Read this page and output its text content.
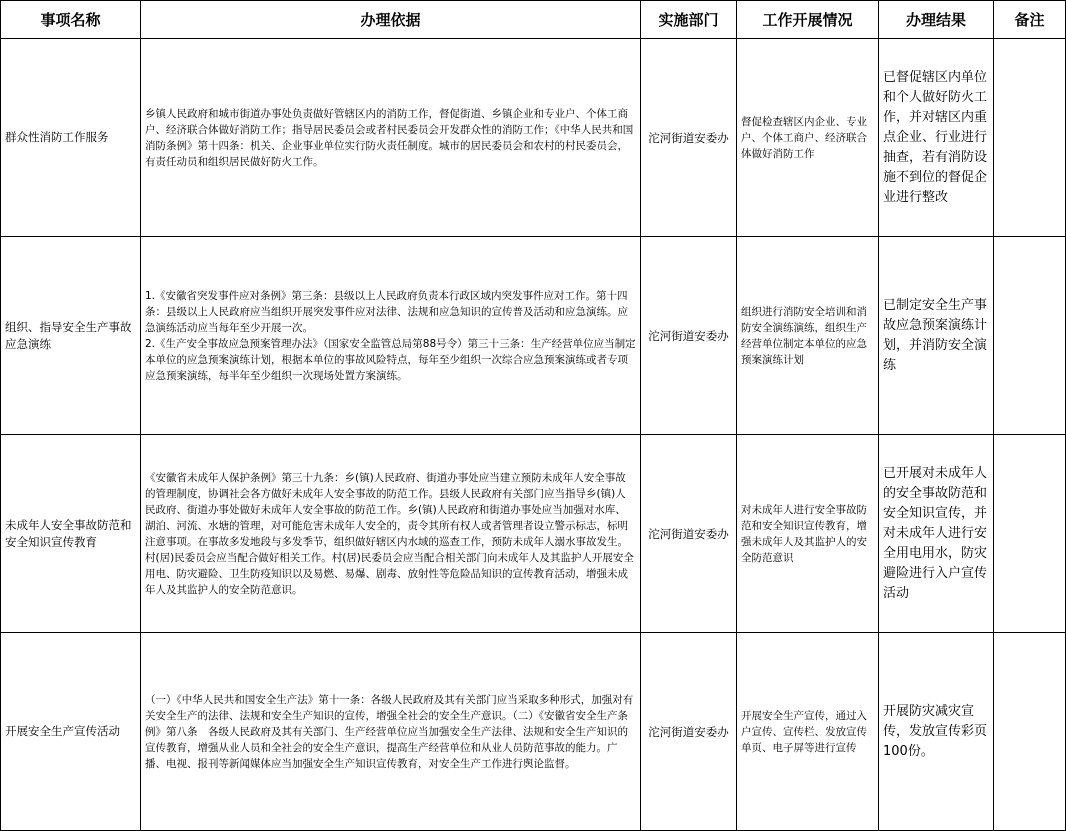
事项名称	办理依据	实施部门	工作开展情况	办理结果	备注
群众性消防工作服务	乡镇人民政府和城市街道办事处负责做好管辖区内的消防工作，督促街道、乡镇企业和专业户、个体工商户、经济联合体做好消防工作；指导居民委员会或者村民委员会开发群众性的消防工作；《中华人民共和国消防条例》第十四条：机关、企业事业单位实行防火责任制度。城市的居民委员会和农村的村民委员会，有责任动员和组织居民做好防火工作。	沱河街道安委办	督促检查辖区内企业、专业户、个体工商户、经济联合体做好消防工作	已督促辖区内单位和个人做好防火工作，并对辖区内重点企业、行业进行抽查，若有消防设施不到位的督促企业进行整改	
组织、指导安全生产事故应急演练	1.《安徽省突发事件应对条例》第三条：县级以上人民政府负责本行政区域内突发事件应对工作。第十四条：县级以上人民政府应当组织开展突发事件应对法律、法规和应急知识的宣传普及活动和应急演练。应急演练活动应当每年至少开展一次。
2.《生产安全事故应急预案管理办法》（国家安全监管总局第88号令）第三十三条：生产经营单位应当制定本单位的应急预案演练计划，根据本单位的事故风险特点，每年至少组织一次综合应急预案演练或者专项应急预案演练，每半年至少组织一次现场处置方案演练。	沱河街道安委办	组织进行消防安全培训和消防安全演练演练，组织生产经营单位制定本单位的应急预案演练计划	已制定安全生产事故应急预案演练计划，并消防安全演练	
未成年人安全事故防范和安全知识宣传教育	《安徽省未成年人保护条例》第三十九条：乡(镇)人民政府、街道办事处应当建立预防未成年人安全事故的管理制度，协调社会各方做好未成年人安全事故的防范工作。县级人民政府有关部门应当指导乡(镇)人民政府、街道办事处做好未成年人安全事故的防范工作。乡(镇)人民政府和街道办事处应当加强对水库、湖泊、河流、水塘的管理，对可能危害未成年人安全的，责令其所有权人或者管理者设立警示标志，标明注意事项。在事故多发地段与多发季节，组织做好辖区内水域的巡查工作，预防未成年人溺水事故发生。村(居)民委员会应当配合做好相关工作。村(居)民委员会应当配合相关部门向未成年人及其监护人开展安全用电、防灾避险、卫生防疫知识以及易燃、易爆、剧毒、放射性等危险品知识的宣传教育活动，增强未成年人及其监护人的安全防范意识。	沱河街道安委办	对未成年人进行安全事故防范和安全知识宣传教育，增强未成年人及其监护人的安全防范意识	已开展对未成年人的安全事故防范和安全知识宣传，并对未成年人进行安全用电用水，防灾避险进行入户宣传活动	
开展安全生产宣传活动	（一）《中华人民共和国安全生产法》第十一条：各级人民政府及其有关部门应当采取多种形式，加强对有关安全生产的法律、法规和安全生产知识的宣传，增强全社会的安全生产意识。（二）《安徽省安全生产条例》第八条　各级人民政府及其有关部门、生产经营单位应当加强安全生产法律、法规和安全生产知识的宣传教育，增强从业人员和全社会的安全生产意识，提高生产经营单位和从业人员防范事故的能力。广播、电视、报刊等新闻媒体应当加强安全生产知识宣传教育，对安全生产工作进行舆论监督。	沱河街道安委办	开展安全生产宣传，通过入户宣传、宣传栏、发放宣传单页、电子屏等进行宣传	开展防灾减灾宣传，发放宣传彩页100份。	
